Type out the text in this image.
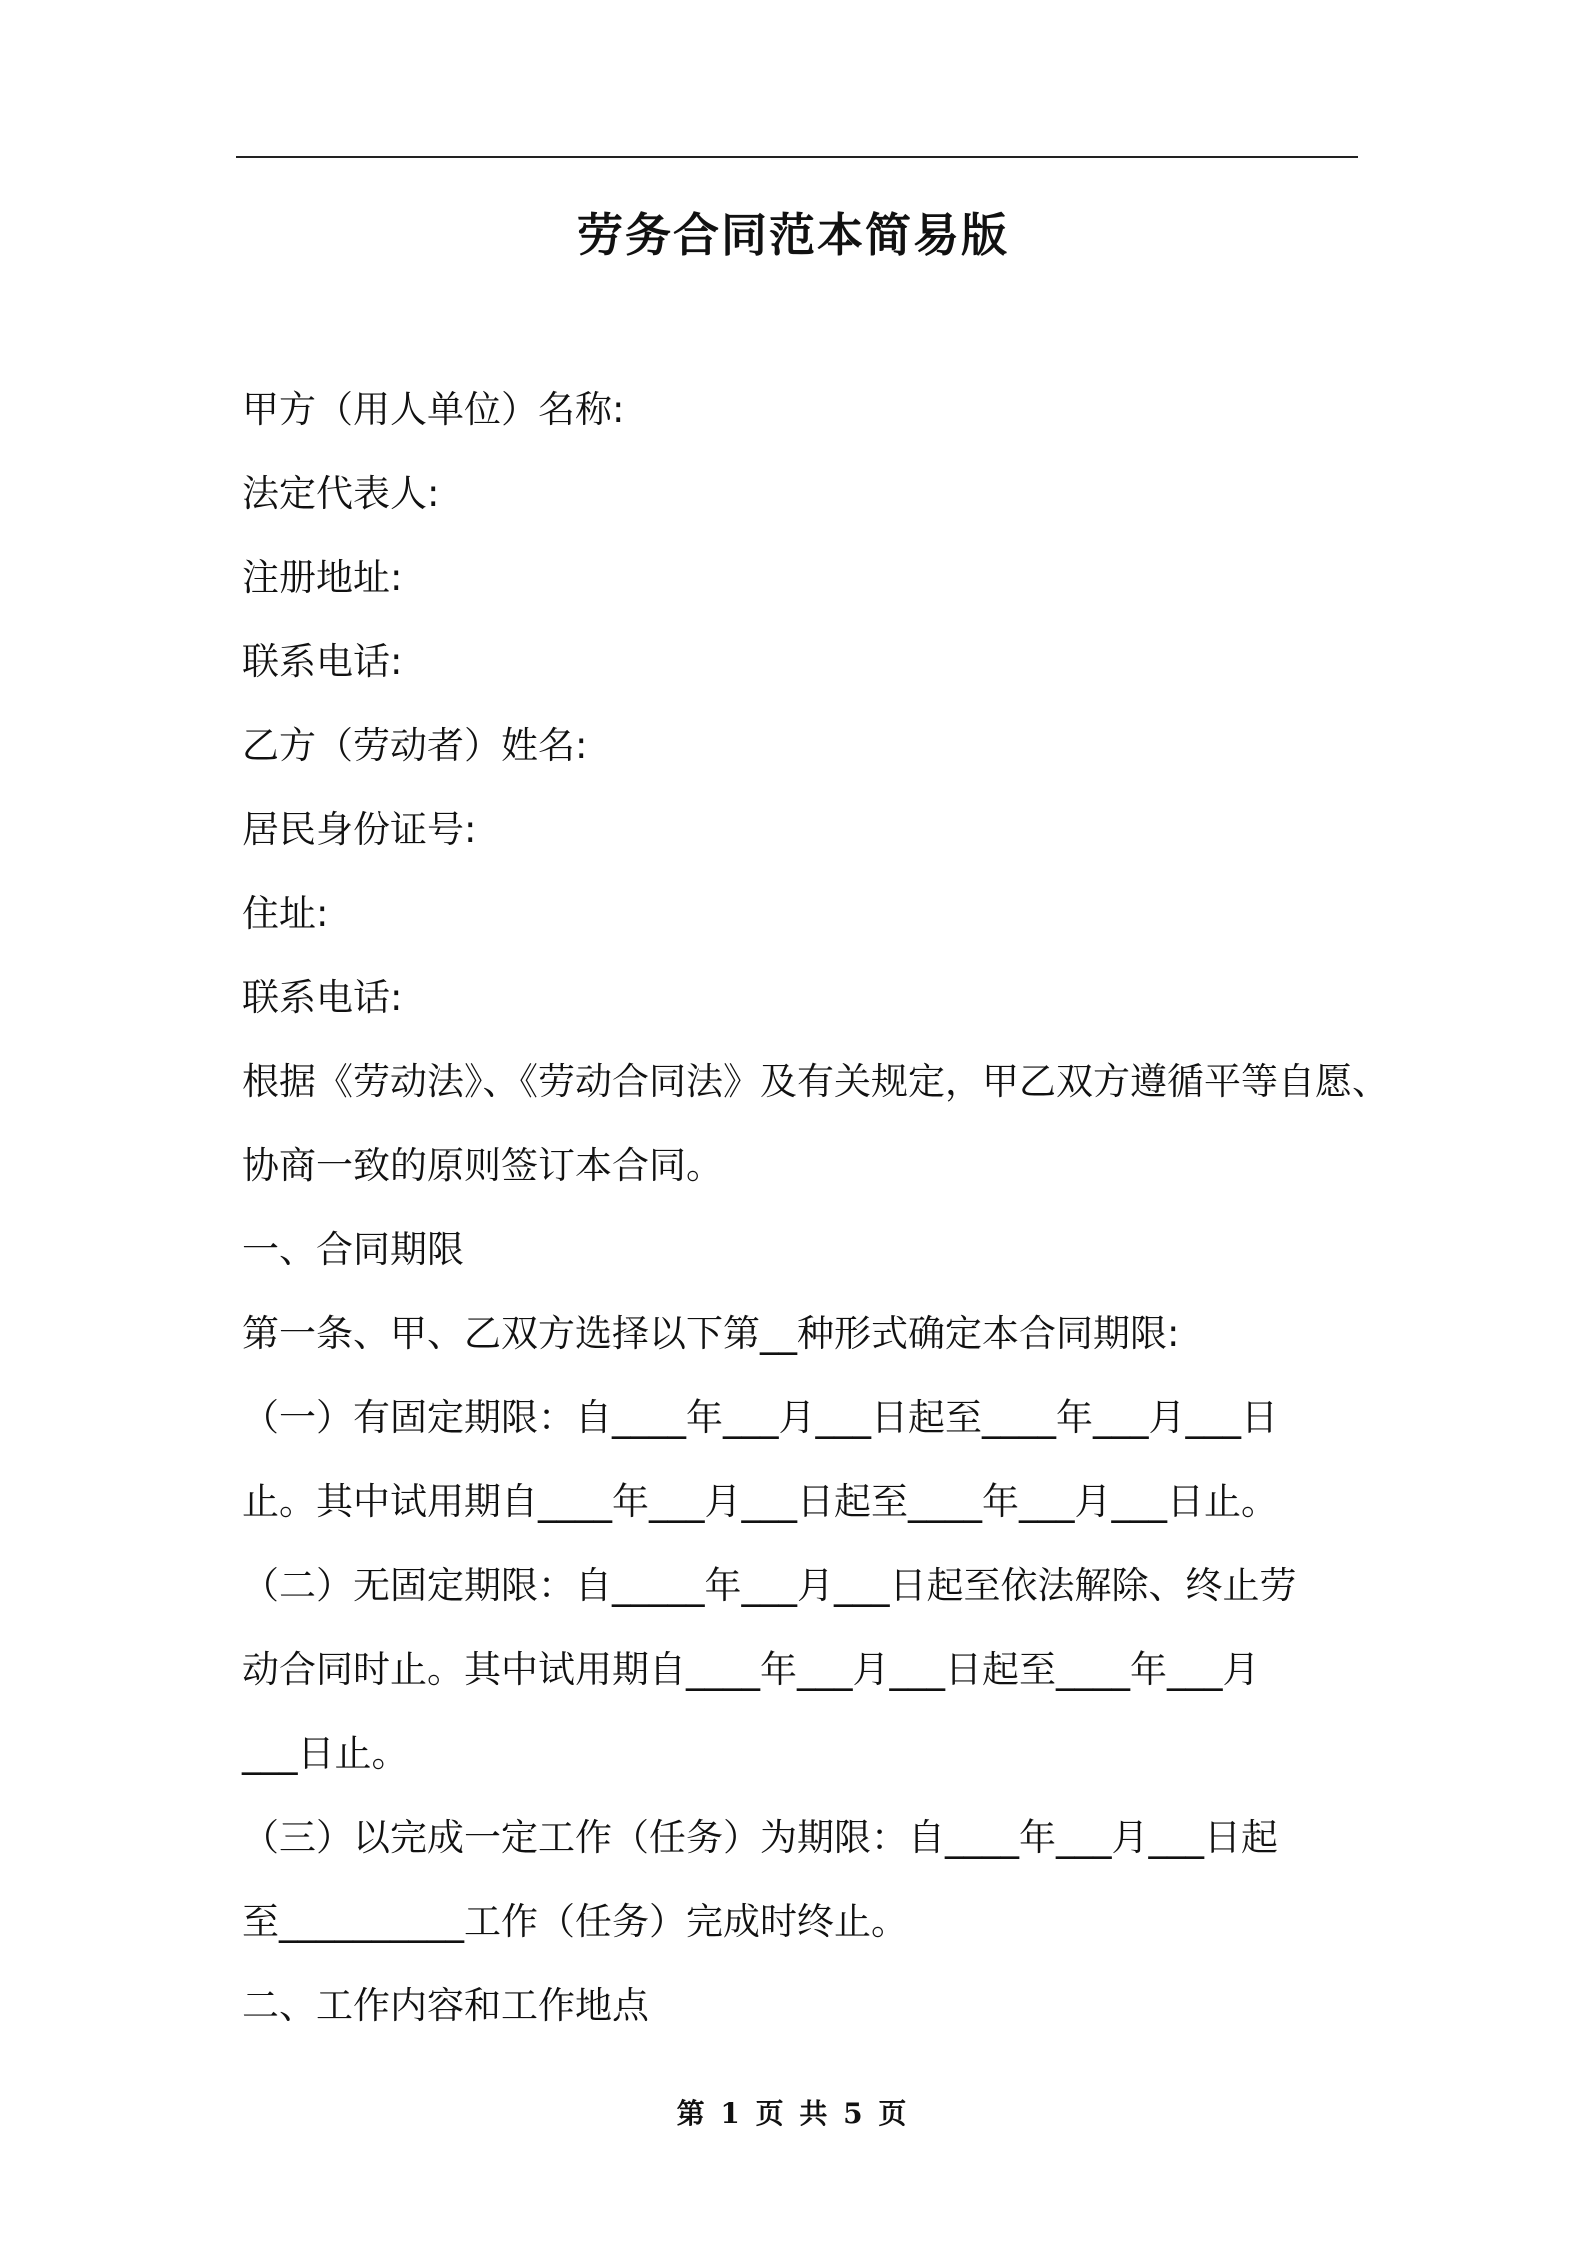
劳务合同范本简易版

甲方（用人单位）名称:

法定代表人:

注册地址:

联系电话:

乙方（劳动者）姓名:

居民身份证号:

住址:

联系电话:

根据《劳动法》、《劳动合同法》及有关规定，甲乙双方遵循平等自愿、

协商一致的原则签订本合同。

一、合同期限

第一条、甲、乙双方选择以下第__种形式确定本合同期限:

（一）有固定期限：自____年___月___日起至____年___月___日

止。其中试用期自____年___月___日起至____年___月___日止。

（二）无固定期限：自_____年___月___日起至依法解除、终止劳

动合同时止。其中试用期自____年___月___日起至____年___月

___日止。

（三）以完成一定工作（任务）为期限：自____年___月___日起

至__________工作（任务）完成时终止。

二、工作内容和工作地点

第 1 页 共 5 页
